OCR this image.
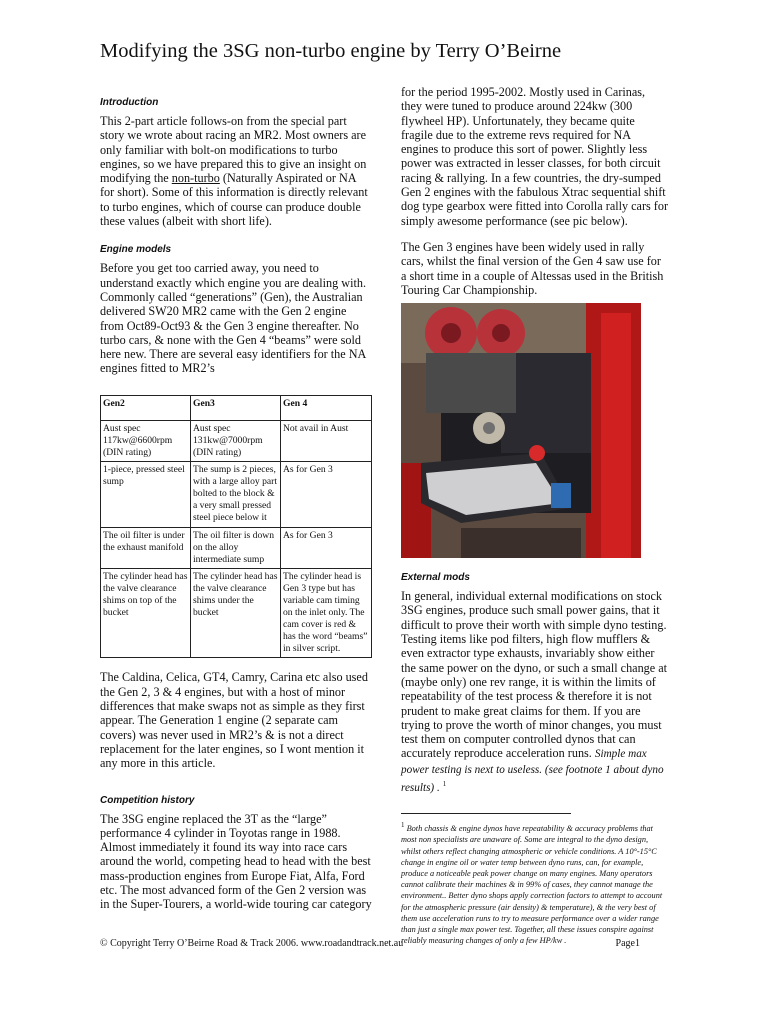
Modifying the 3SG non-turbo engine by Terry O’Beirne
Introduction

This 2-part article follows-on from the special part story we wrote about racing an MR2. Most owners are only familiar with bolt-on modifications to turbo engines, so we have prepared this to give an insight on modifying the non-turbo (Naturally Aspirated or NA for short). Some of this information is directly relevant to turbo engines, which of course can produce double these values (albeit with short life).

Engine models

Before you get too carried away, you need to understand exactly which engine you are dealing with. Commonly called “generations” (Gen), the Australian delivered SW20 MR2 came with the Gen 2 engine from Oct89-Oct93 & the Gen 3 engine thereafter. No turbo cars, & none with the Gen 4 “beams” were sold here new. There are several easy identifiers for the NA engines fitted to MR2’s

Gen2	Gen3	Gen 4
Aust spec 117kw@6600rpm (DIN rating)	Aust spec 131kw@7000rpm (DIN rating)	Not avail in Aust
1-piece, pressed steel sump	The sump is 2 pieces, with a large alloy part bolted to the block & a very small pressed steel piece below it	As for Gen 3
The oil filter is under the exhaust manifold	The oil filter is down on the alloy intermediate sump	As for Gen 3
The cylinder head has the valve clearance shims on top of the bucket	The cylinder head has the valve clearance shims under the bucket	The cylinder head is Gen 3 type but has variable cam timing on the inlet only. The cam cover is red & has the word “beams” in silver script.

The Caldina, Celica, GT4, Camry, Carina etc also used the Gen 2, 3 & 4 engines, but with a host of minor differences that make swaps not as simple as they first appear. The Generation 1 engine (2 separate cam covers) was never used in MR2’s & is not a direct replacement for the later engines, so I wont mention it any more in this article.

Competition history

The 3SG engine replaced the 3T as the “large” performance 4 cylinder in Toyotas range in 1988. Almost immediately it found its way into race cars around the world, competing head to head with the best mass-production engines from Europe Fiat, Alfa, Ford etc. The most advanced form of the Gen 2 version was in the Super-Tourers, a world-wide touring car category

for the period 1995-2002. Mostly used in Carinas, they were tuned to produce around 224kw (300 flywheel HP). Unfortunately, they became quite fragile due to the extreme revs required for NA engines to produce this sort of power. Slightly less power was extracted in lesser classes, for both circuit racing & rallying. In a few countries, the dry-sumped Gen 2 engines with the fabulous Xtrac sequential shift dog type gearbox were fitted into Corolla rally cars for simply awesome performance (see pic below).

The Gen 3 engines have been widely used in rally cars, whilst the final version of the Gen 4 saw use for a short time in a couple of Altessas used in the British Touring Car Championship.

External mods

In general, individual external modifications on stock 3SG engines, produce such small power gains, that it difficult to prove their worth with simple dyno testing. Testing items like pod filters, high flow mufflers & even extractor type exhausts, invariably show either the same power on the dyno, or such a small change at (maybe only) one rev range, it is within the limits of repeatability of the test process & therefore it is not prudent to make great claims for them. If you are trying to prove the worth of minor changes, you must test them on computer controlled dynos that can accurately reproduce acceleration runs. Simple max power testing is next to useless. (see footnote 1 about dyno results) . $^1$

$^1$ Both chassis & engine dynos have repeatability & accuracy problems that most non specialists are unaware of. Some are integral to the dyno design, whilst others reflect changing atmospheric or vehicle conditions. A 10°-15°C change in engine oil or water temp between dyno runs, can, for example, produce a noticeable peak power change on many engines. Many operators cannot calibrate their machines & in 99% of cases, they cannot manage the environment.. Better dyno shops apply correction factors to attempt to account for the atmospheric pressure (air density) & temperature), & the very best of them use acceleration runs to try to measure performance over a wider range than just a single max power test. Together, all these issues conspire against reliably measuring changes of only a few HP/kw .

© Copyright Terry O’Beirne Road & Track 2006. www.roadandtrack.net.au	Page1
